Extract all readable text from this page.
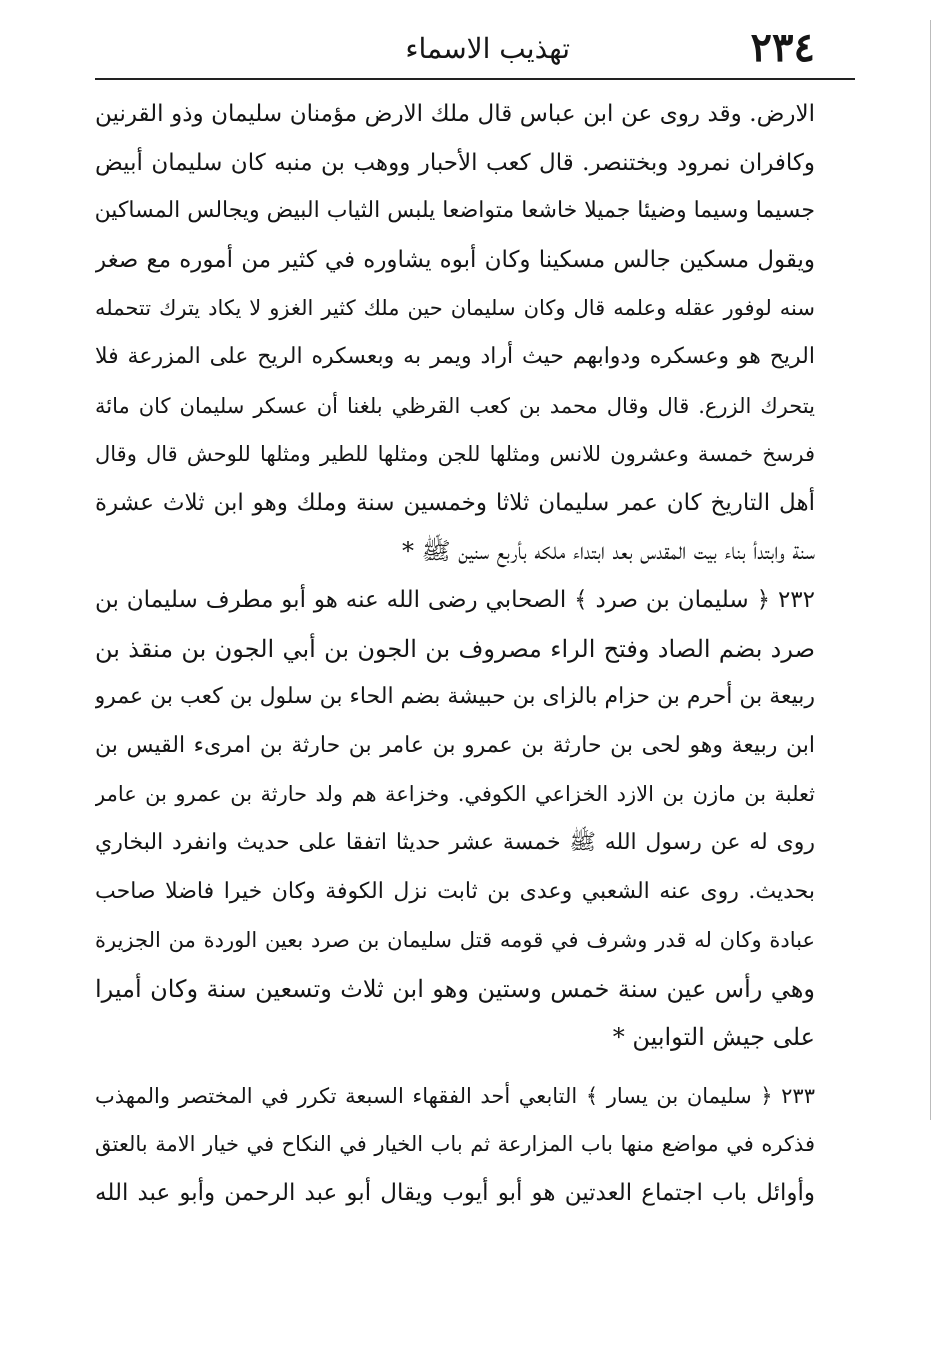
٢٣٤
تهذيب الاسماء
الارض. وقد روى عن ابن عباس قال ملك الارض مؤمنان سليمان وذو القرنين
وكافران نمرود وبختنصر. قال كعب الأحبار ووهب بن منبه كان سليمان أبيض
جسيما وسيما وضيئا جميلا خاشعا متواضعا يلبس الثياب البيض ويجالس المساكين
ويقول مسكين جالس مسكينا وكان أبوه يشاوره في كثير من أموره مع صغر
سنه لوفور عقله وعلمه قال وكان سليمان حين ملك كثير الغزو لا يكاد يترك تتحمله
الريح هو وعسكره ودوابهم حيث أراد ويمر به وبعسكره الريح على المزرعة فلا
يتحرك الزرع. قال وقال محمد بن كعب القرظي بلغنا أن عسكر سليمان كان مائة
فرسخ خمسة وعشرون للانس ومثلها للجن ومثلها للطير ومثلها للوحش قال وقال
أهل التاريخ كان عمر سليمان ثلاثا وخمسين سنة وملك وهو ابن ثلاث عشرة
سنة وابتدأ بناء بيت المقدس بعد ابتداء ملكه بأربع سنين ﷺ *
٢٣٢ ﴿ سليمان بن صرد ﴾ الصحابي رضى الله عنه هو أبو مطرف سليمان بن
صرد بضم الصاد وفتح الراء مصروف بن الجون بن أبي الجون بن منقذ بن
ربيعة بن أحرم بن حزام بالزاى بن حبيشة بضم الحاء بن سلول بن كعب بن عمرو
ابن ربيعة وهو لحى بن حارثة بن عمرو بن عامر بن حارثة بن امرىء القيس بن
ثعلبة بن مازن بن الازد الخزاعي الكوفي. وخزاعة هم ولد حارثة بن عمرو بن عامر
روى له عن رسول الله ﷺ خمسة عشر حديثا اتفقا على حديث وانفرد البخاري
بحديث. روى عنه الشعبي وعدى بن ثابت نزل الكوفة وكان خيرا فاضلا صاحب
عبادة وكان له قدر وشرف في قومه قتل سليمان بن صرد بعين الوردة من الجزيرة
وهي رأس عين سنة خمس وستين وهو ابن ثلاث وتسعين سنة وكان أميرا
على جيش التوابين *
٢٣٣ ﴿ سليمان بن يسار ﴾ التابعي أحد الفقهاء السبعة تكرر في المختصر والمهذب
فذكره في مواضع منها باب المزارعة ثم باب الخيار في النكاح في خيار الامة بالعتق
وأوائل باب اجتماع العدتين هو أبو أيوب ويقال أبو عبد الرحمن وأبو عبد الله
